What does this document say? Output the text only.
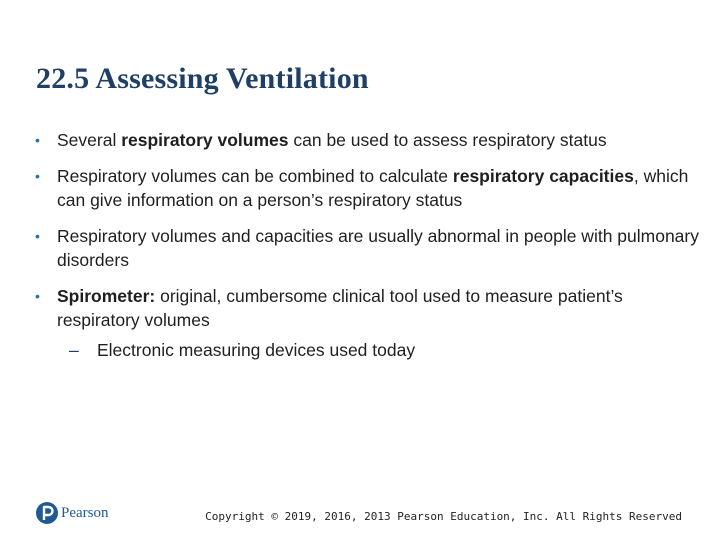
22.5 Assessing Ventilation
• Several respiratory volumes can be used to assess respiratory status
• Respiratory volumes can be combined to calculate respiratory capacities, which can give information on a person’s respiratory status
• Respiratory volumes and capacities are usually abnormal in people with pulmonary disorders
• Spirometer: original, cumbersome clinical tool used to measure patient’s respiratory volumes
– Electronic measuring devices used today
Pearson	Copyright © 2019, 2016, 2013 Pearson Education, Inc. All Rights Reserved
